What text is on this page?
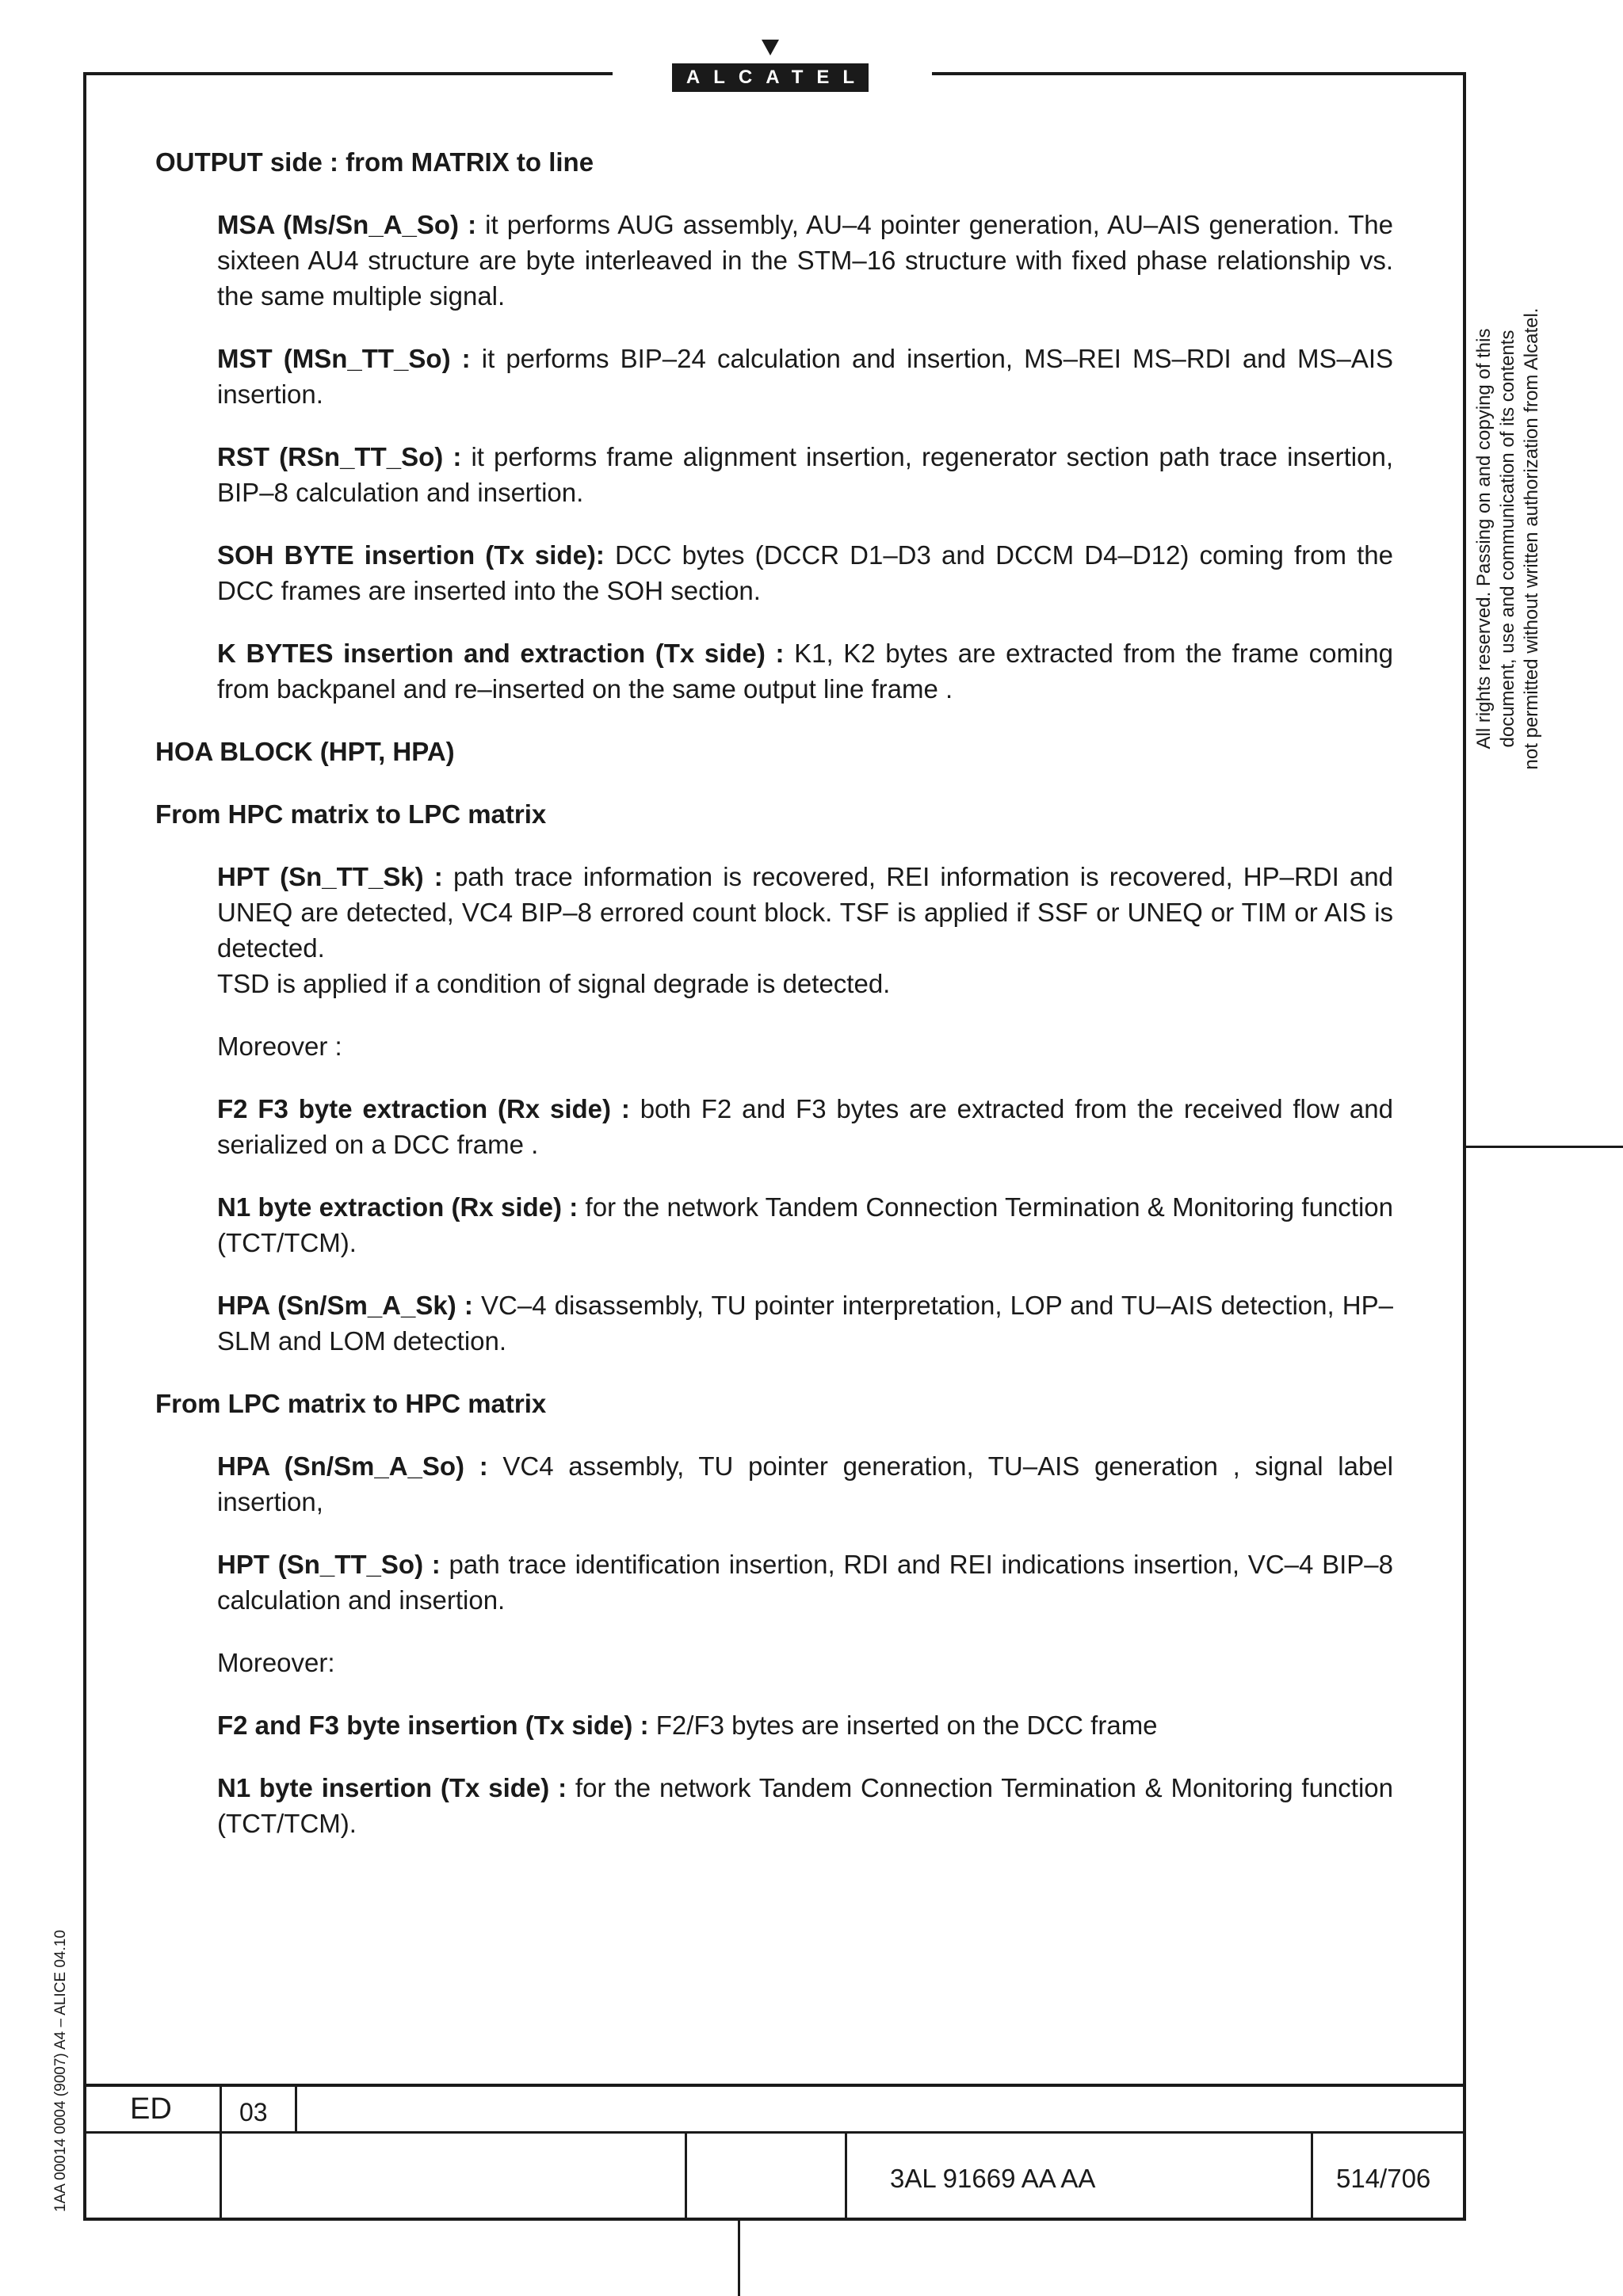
ALCATEL
All rights reserved. Passing on and copying of this document, use and communication of its contents not permitted without written authorization from Alcatel.
1AA 00014 0004 (9007) A4 – ALICE 04.10
OUTPUT side : from MATRIX to line
MSA (Ms/Sn_A_So) : it performs AUG assembly, AU–4 pointer generation, AU–AIS generation. The sixteen AU4 structure are byte interleaved in the STM–16 structure with fixed phase relationship vs. the same multiple signal.
MST (MSn_TT_So) : it performs BIP–24 calculation and insertion, MS–REI MS–RDI and MS–AIS insertion.
RST (RSn_TT_So) : it performs frame alignment insertion, regenerator section path trace insertion, BIP–8 calculation and insertion.
SOH BYTE insertion (Tx side): DCC bytes (DCCR D1–D3 and DCCM D4–D12) coming from the DCC frames are inserted into the SOH section.
K BYTES insertion and extraction (Tx side) : K1, K2 bytes are extracted from the frame coming from backpanel and re–inserted on the same output line frame .
HOA BLOCK (HPT, HPA)
From HPC matrix to LPC matrix
HPT (Sn_TT_Sk) : path trace information is recovered, REI information is recovered, HP–RDI and UNEQ are detected, VC4 BIP–8 errored count block. TSF is applied if SSF or UNEQ or TIM or AIS is detected.
TSD is applied if a condition of signal degrade is detected.
Moreover :
F2 F3 byte extraction (Rx side) : both F2 and F3 bytes are extracted from the received flow and serialized on a DCC frame .
N1 byte extraction (Rx side) : for the network Tandem Connection Termination & Monitoring function (TCT/TCM).
HPA (Sn/Sm_A_Sk) : VC–4 disassembly, TU pointer interpretation, LOP and TU–AIS detection, HP–SLM and LOM detection.
From LPC matrix to HPC matrix
HPA (Sn/Sm_A_So) : VC4 assembly, TU pointer generation, TU–AIS generation , signal label insertion,
HPT (Sn_TT_So) : path trace identification insertion, RDI and REI indications insertion, VC–4 BIP–8 calculation and insertion.
Moreover:
F2 and F3 byte insertion (Tx side) : F2/F3 bytes are inserted on the DCC frame
N1 byte insertion (Tx side) : for the network Tandem Connection Termination & Monitoring function (TCT/TCM).
ED	03
3AL 91669 AA AA	514/706
